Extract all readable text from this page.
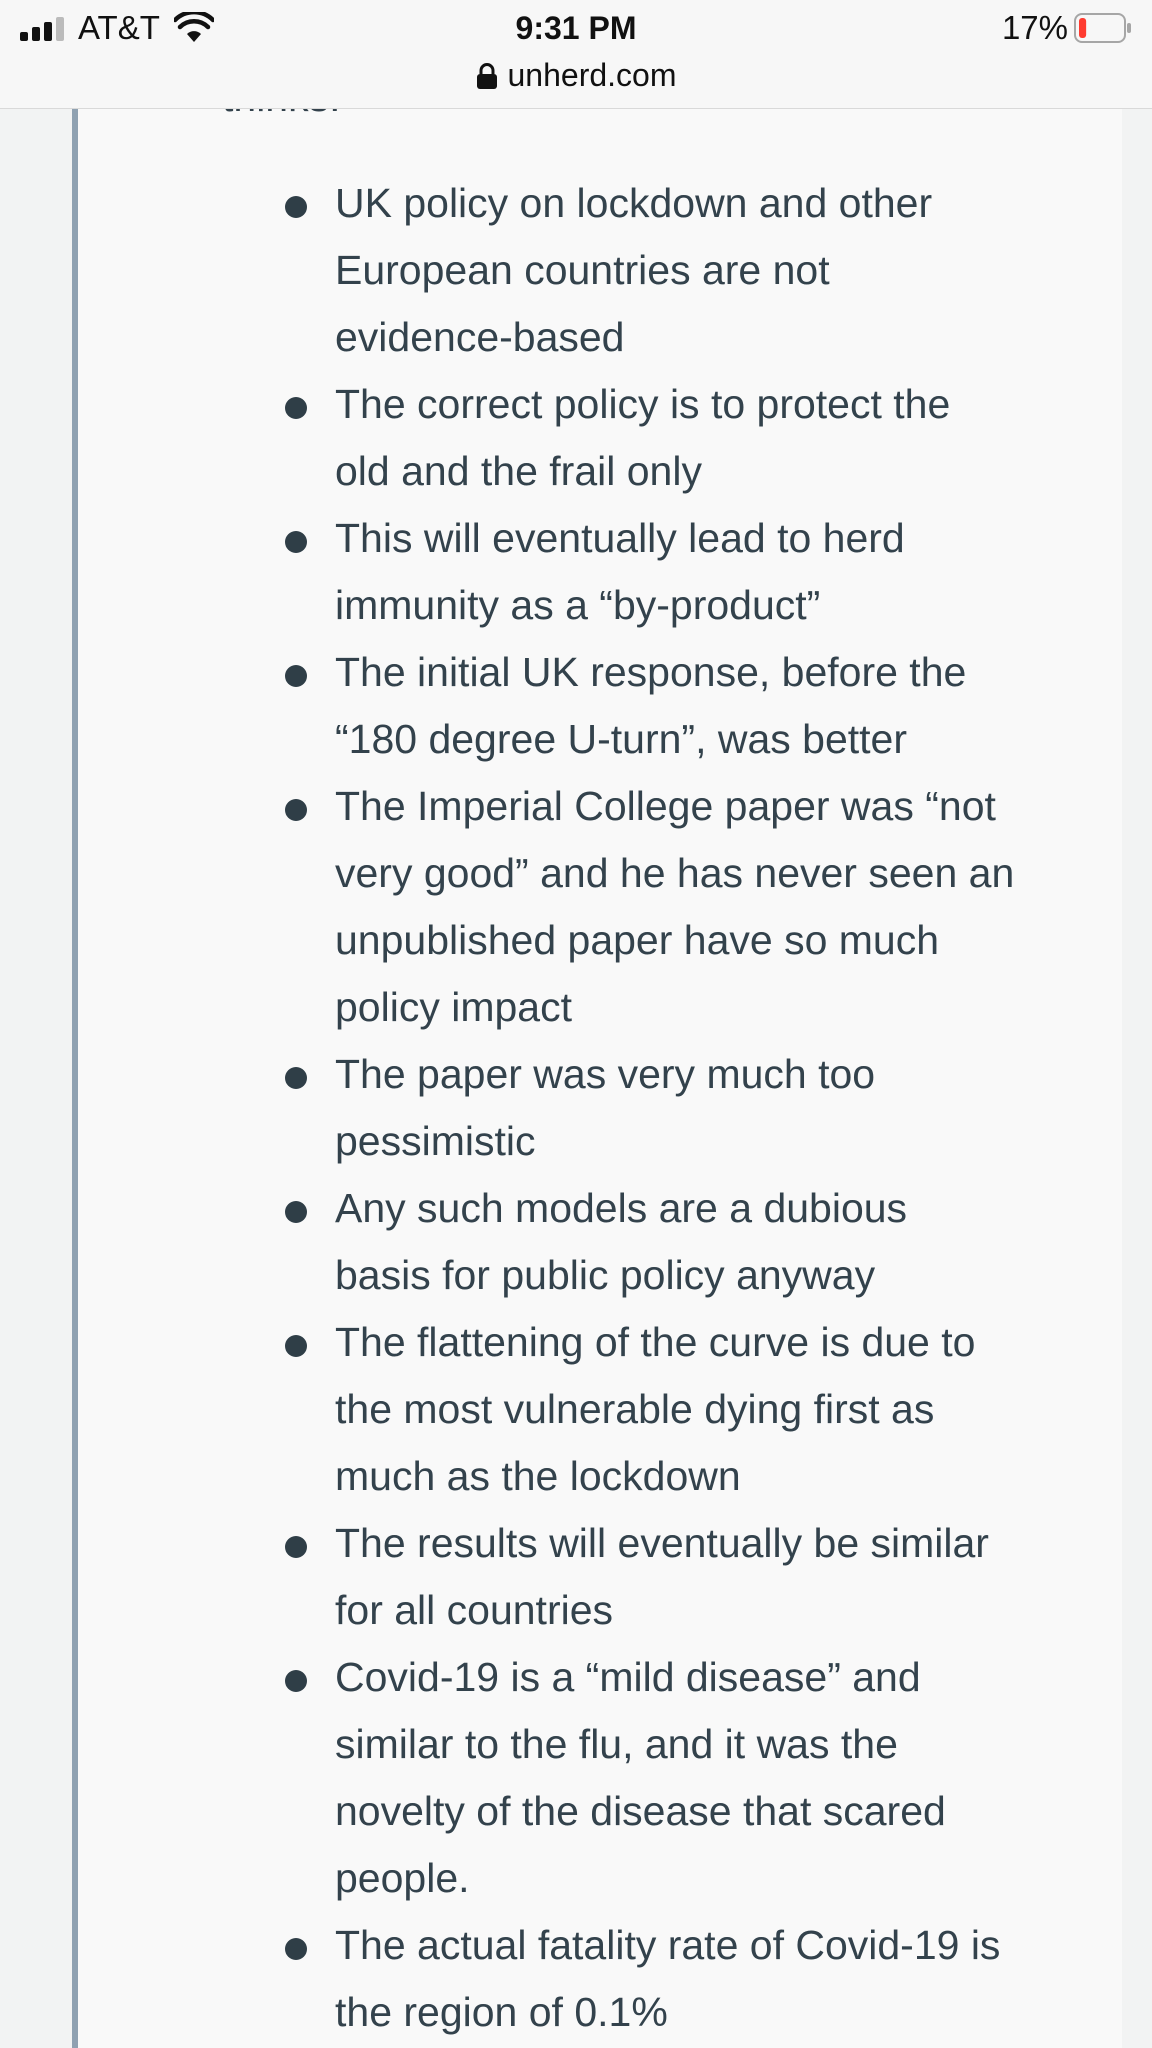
AT&T	9:31 PM	17%
unherd.com
UK policy on lockdown and other
European countries are not
evidence-based
The correct policy is to protect the
old and the frail only
This will eventually lead to herd
immunity as a “by-product”
The initial UK response, before the
“180 degree U-turn”, was better
The Imperial College paper was “not
very good” and he has never seen an
unpublished paper have so much
policy impact
The paper was very much too
pessimistic
Any such models are a dubious
basis for public policy anyway
The flattening of the curve is due to
the most vulnerable dying first as
much as the lockdown
The results will eventually be similar
for all countries
Covid-19 is a “mild disease” and
similar to the flu, and it was the
novelty of the disease that scared
people.
The actual fatality rate of Covid-19 is
the region of 0.1%
